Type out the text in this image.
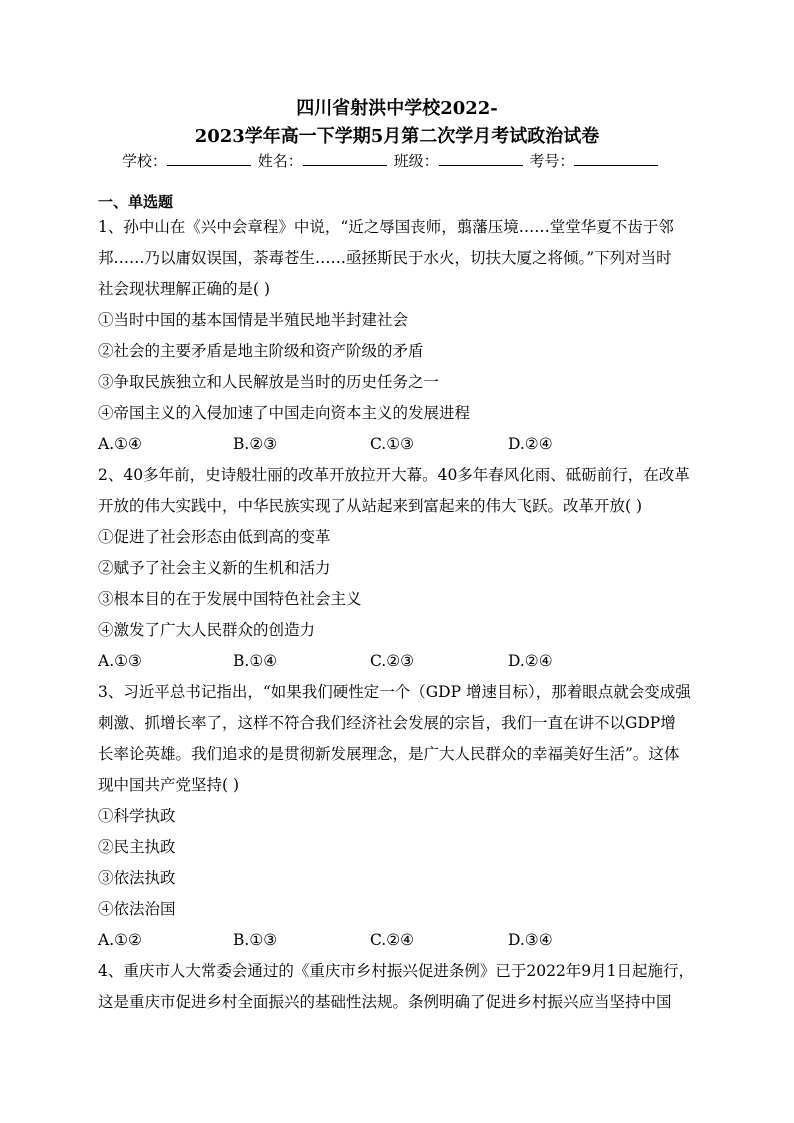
四川省射洪中学校2022-
2023学年高一下学期5月第二次学月考试政治试卷
学校：	姓名：	班级：	考号：
一、单选题
1、孙中山在《兴中会章程》中说，“近之辱国丧师，翦藩压境……堂堂华夏不齿于邻
邦……乃以庸奴误国，荼毒苍生……亟拯斯民于水火，切扶大厦之将倾。”下列对当时
社会现状理解正确的是( )
①当时中国的基本国情是半殖民地半封建社会
②社会的主要矛盾是地主阶级和资产阶级的矛盾
③争取民族独立和人民解放是当时的历史任务之一
④帝国主义的入侵加速了中国走向资本主义的发展进程
A.①④	B.②③	C.①③	D.②④
2、40多年前，史诗般壮丽的改革开放拉开大幕。40多年春风化雨、砥砺前行，在改革
开放的伟大实践中，中华民族实现了从站起来到富起来的伟大飞跃。改革开放( )
①促进了社会形态由低到高的变革
②赋予了社会主义新的生机和活力
③根本目的在于发展中国特色社会主义
④激发了广大人民群众的创造力
A.①③	B.①④	C.②③	D.②④
3、习近平总书记指出，“如果我们硬性定一个（GDP 增速目标），那着眼点就会变成强
刺激、抓增长率了，这样不符合我们经济社会发展的宗旨，我们一直在讲不以GDP增
长率论英雄。我们追求的是贯彻新发展理念，是广大人民群众的幸福美好生活”。这体
现中国共产党坚持( )
①科学执政
②民主执政
③依法执政
④依法治国
A.①②	B.①③	C.②④	D.③④
4、重庆市人大常委会通过的《重庆市乡村振兴促进条例》已于2022年9月1日起施行，
这是重庆市促进乡村全面振兴的基础性法规。条例明确了促进乡村振兴应当坚持中国
